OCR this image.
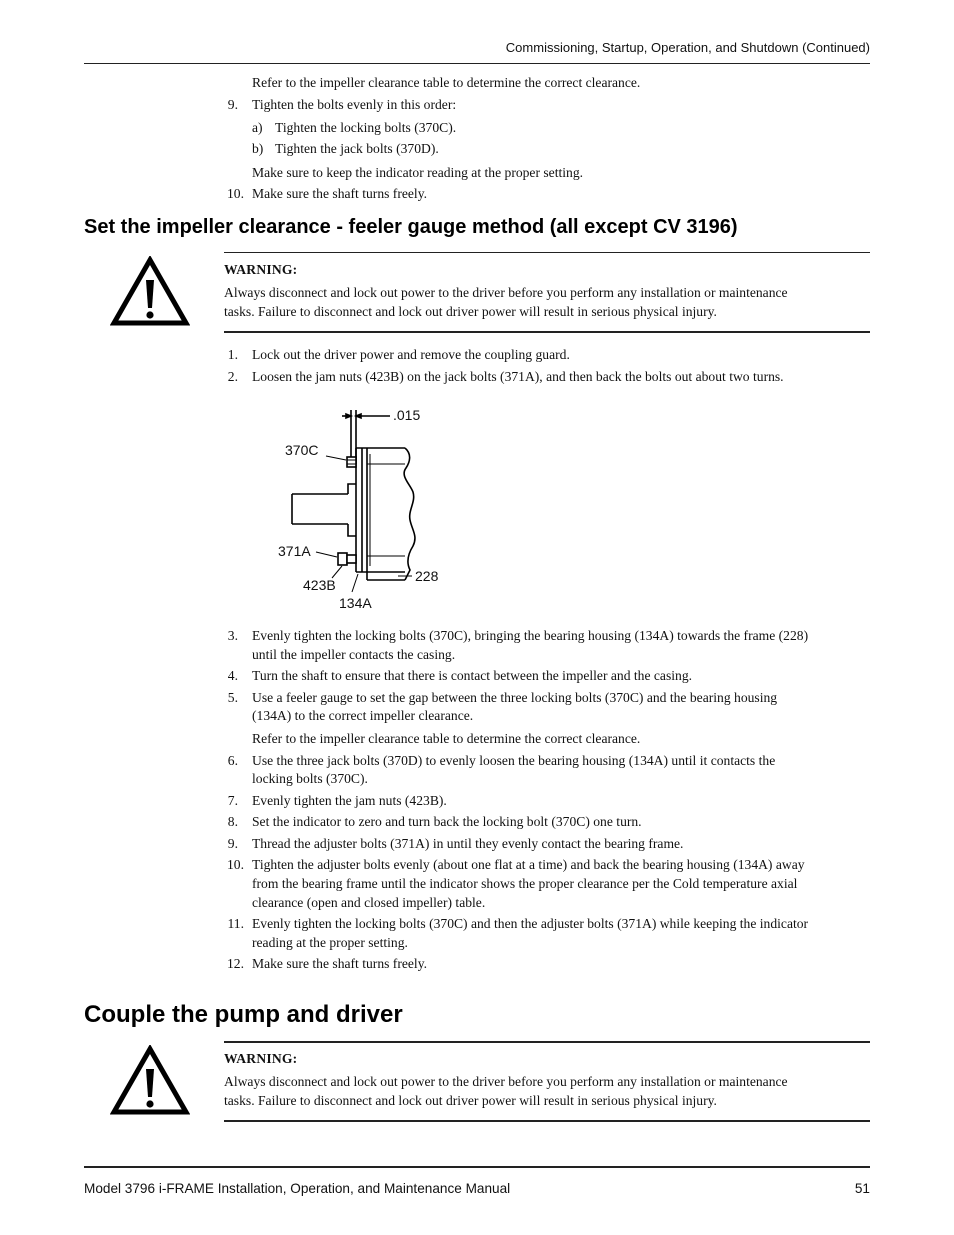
Commissioning, Startup, Operation, and Shutdown (Continued)
Refer to the impeller clearance table to determine the correct clearance.
9. Tighten the bolts evenly in this order:
a) Tighten the locking bolts (370C).
b) Tighten the jack bolts (370D).
Make sure to keep the indicator reading at the proper setting.
10. Make sure the shaft turns freely.
Set the impeller clearance - feeler gauge method (all except CV 3196)
WARNING:
Always disconnect and lock out power to the driver before you perform any installation or maintenance
tasks. Failure to disconnect and lock out driver power will result in serious physical injury.
1. Lock out the driver power and remove the coupling guard.
2. Loosen the jam nuts (423B) on the jack bolts (371A), and then back the bolts out about two turns.
.015
370C
371A
423B
228
134A
3. Evenly tighten the locking bolts (370C), bringing the bearing housing (134A) towards the frame (228)
until the impeller contacts the casing.
4. Turn the shaft to ensure that there is contact between the impeller and the casing.
5. Use a feeler gauge to set the gap between the three locking bolts (370C) and the bearing housing
(134A) to the correct impeller clearance.
Refer to the impeller clearance table to determine the correct clearance.
6. Use the three jack bolts (370D) to evenly loosen the bearing housing (134A) until it contacts the
locking bolts (370C).
7. Evenly tighten the jam nuts (423B).
8. Set the indicator to zero and turn back the locking bolt (370C) one turn.
9. Thread the adjuster bolts (371A) in until they evenly contact the bearing frame.
10. Tighten the adjuster bolts evenly (about one flat at a time) and back the bearing housing (134A) away
from the bearing frame until the indicator shows the proper clearance per the Cold temperature axial
clearance (open and closed impeller) table.
11. Evenly tighten the locking bolts (370C) and then the adjuster bolts (371A) while keeping the indicator
reading at the proper setting.
12. Make sure the shaft turns freely.
Couple the pump and driver
WARNING:
Always disconnect and lock out power to the driver before you perform any installation or maintenance
tasks. Failure to disconnect and lock out driver power will result in serious physical injury.
Model 3796 i-FRAME Installation, Operation, and Maintenance Manual	51
